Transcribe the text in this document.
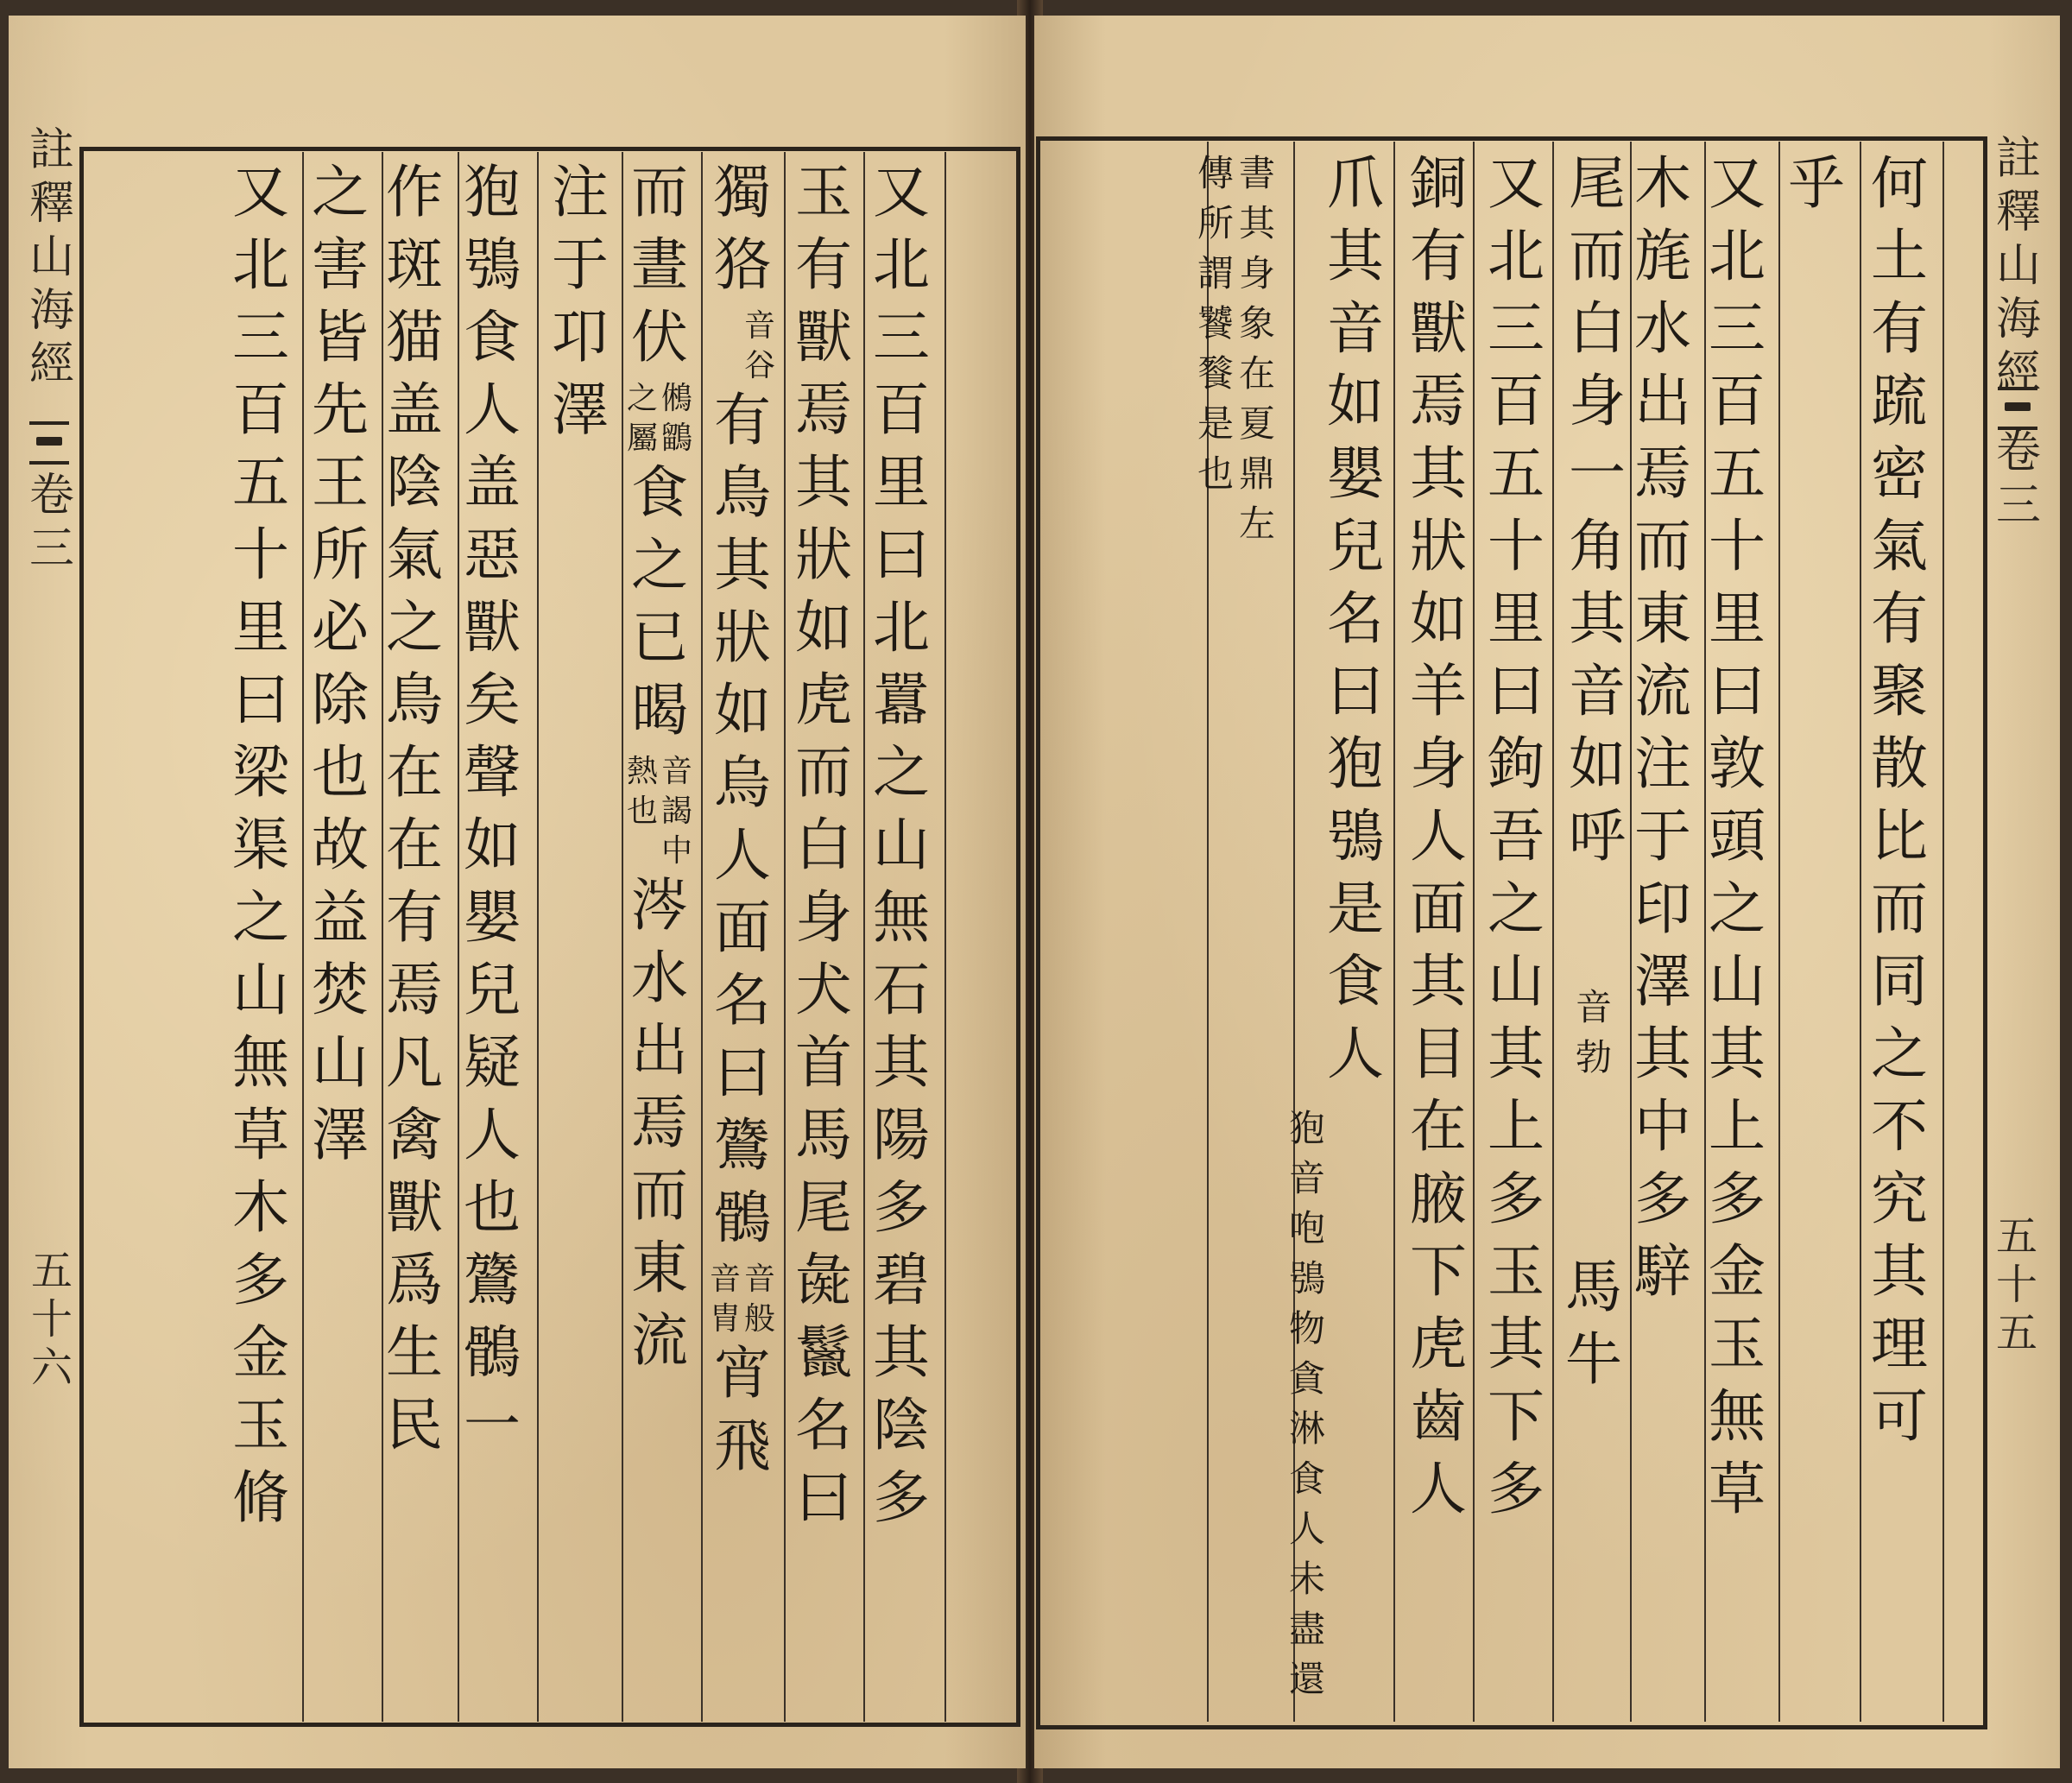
又
北
三
百
里
曰
北
囂
之
山
無
石
其
陽
多
碧
其
陰
多
玉
有
獸
焉
其
狀
如
虎
而
白
身
犬
首
馬
尾
彘
鬣
名
曰
獨
狢
音
谷
有
鳥
其
狀
如
烏
人
面
名
曰
鷟
鶻
音
般
音
胄
宵
飛
而
晝
伏
鵂
鶹
之
屬
食
之
已
暍
音
謁
中
熱
也
涔
水
出
焉
而
東
流
注
于
卭
澤
狍
鴞
食
人
盖
惡
獸
矣
聲
如
嬰
兒
疑
人
也
鷟
鶻
一
作
斑
猫
盖
陰
氣
之
鳥
在
在
有
焉
凡
禽
獸
爲
生
民
之
害
皆
先
王
所
必
除
也
故
益
焚
山
澤
又
北
三
百
五
十
里
曰
梁
渠
之
山
無
草
木
多
金
玉
脩
註
釋
山
海
經
卷
三
五
十
六
何
土
有
䟽
密
氣
有
聚
散
比
而
同
之
不
究
其
理
可
乎
又
北
三
百
五
十
里
曰
敦
頭
之
山
其
上
多
金
玉
無
草
木
旄
水
出
焉
而
東
流
注
于
印
澤
其
中
多
騂
音
勃
馬
牛
尾
而
白
身
一
角
其
音
如
呼
又
北
三
百
五
十
里
曰
鉤
吾
之
山
其
上
多
玉
其
下
多
銅
有
獸
焉
其
狀
如
羊
身
人
面
其
目
在
腋
下
虎
齒
人
爪
其
音
如
嬰
兒
名
曰
狍
鴞
是
食
人
狍
音
咆
鴞
物
貪
淋
食
人
未
盡
還
書
其
身
象
在
夏
鼎
左
傳
所
謂
饕
餮
是
也
註
釋
山
海
經
卷
三
五
十
五
